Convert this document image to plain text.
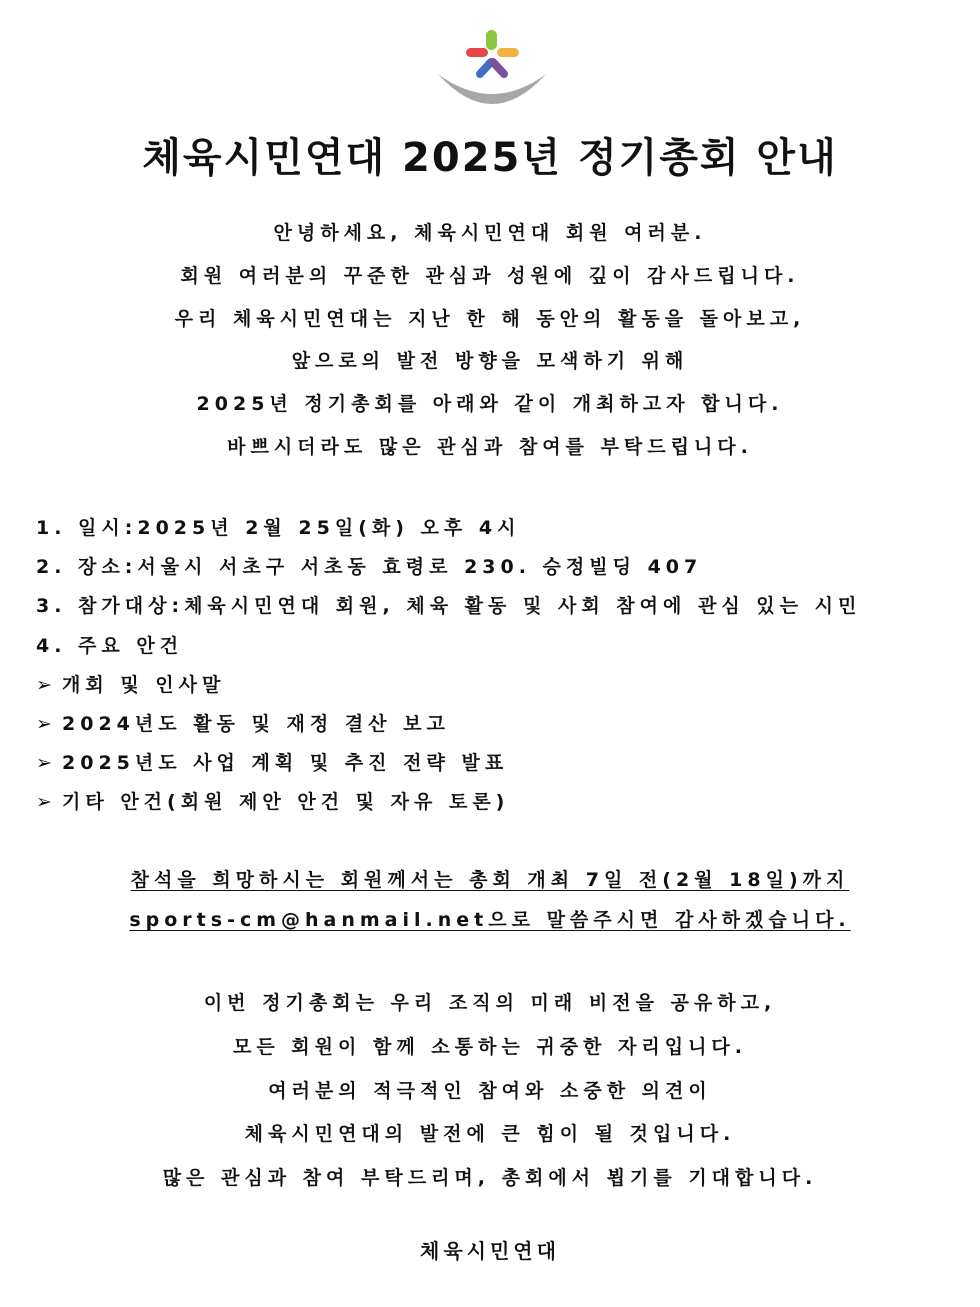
체육시민연대 2025년 정기총회 안내
안녕하세요, 체육시민연대 회원 여러분.
회원 여러분의 꾸준한 관심과 성원에 깊이 감사드립니다.
우리 체육시민연대는 지난 한 해 동안의 활동을 돌아보고,
앞으로의 발전 방향을 모색하기 위해
2025년 정기총회를 아래와 같이 개최하고자 합니다.
바쁘시더라도 많은 관심과 참여를 부탁드립니다.
1. 일시:2025년 2월 25일(화) 오후 4시
2. 장소:서울시 서초구 서초동 효령로 230. 승정빌딩 407
3. 참가대상:체육시민연대 회원, 체육 활동 및 사회 참여에 관심 있는 시민
4. 주요 안건
➢ 개회 및 인사말
➢ 2024년도 활동 및 재정 결산 보고
➢ 2025년도 사업 계획 및 추진 전략 발표
➢ 기타 안건(회원 제안 안건 및 자유 토론)
참석을 희망하시는 회원께서는 총회 개최 7일 전(2월 18일)까지
sports-cm@hanmail.net으로 말씀주시면 감사하겠습니다.
이번 정기총회는 우리 조직의 미래 비전을 공유하고,
모든 회원이 함께 소통하는 귀중한 자리입니다.
여러분의 적극적인 참여와 소중한 의견이
체육시민연대의 발전에 큰 힘이 될 것입니다.
많은 관심과 참여 부탁드리며, 총회에서 뵙기를 기대합니다.
체육시민연대
